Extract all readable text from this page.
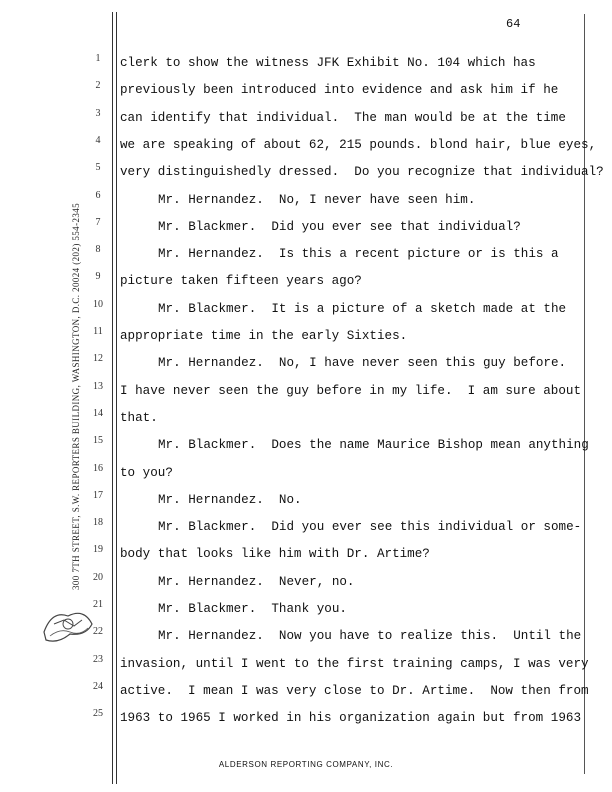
64
300 7TH STREET, S.W. REPORTERS BUILDING, WASHINGTON, D.C. 20024 (202) 554-2345
1	clerk to show the witness JFK Exhibit No. 104 which has
2	previously been introduced into evidence and ask him if he
3	can identify that individual.  The man would be at the time
4	we are speaking of about 62, 215 pounds. blond hair, blue eyes,
5	very distinguishedly dressed.  Do you recognize that individual?
6	Mr. Hernandez.  No, I never have seen him.
7	Mr. Blackmer.  Did you ever see that individual?
8	Mr. Hernandez.  Is this a recent picture or is this a
9	picture taken fifteen years ago?
10	Mr. Blackmer.  It is a picture of a sketch made at the
11	appropriate time in the early Sixties.
12	Mr. Hernandez.  No, I have never seen this guy before.
13	I have never seen the guy before in my life.  I am sure about
14	that.
15	Mr. Blackmer.  Does the name Maurice Bishop mean anything
16	to you?
17	Mr. Hernandez.  No.
18	Mr. Blackmer.  Did you ever see this individual or some-
19	body that looks like him with Dr. Artime?
20	Mr. Hernandez.  Never, no.
21	Mr. Blackmer.  Thank you.
22	Mr. Hernandez.  Now you have to realize this.  Until the
23	invasion, until I went to the first training camps, I was very
24	active.  I mean I was very close to Dr. Artime.  Now then from
25	1963 to 1965 I worked in his organization again but from 1963
ALDERSON REPORTING COMPANY, INC.
